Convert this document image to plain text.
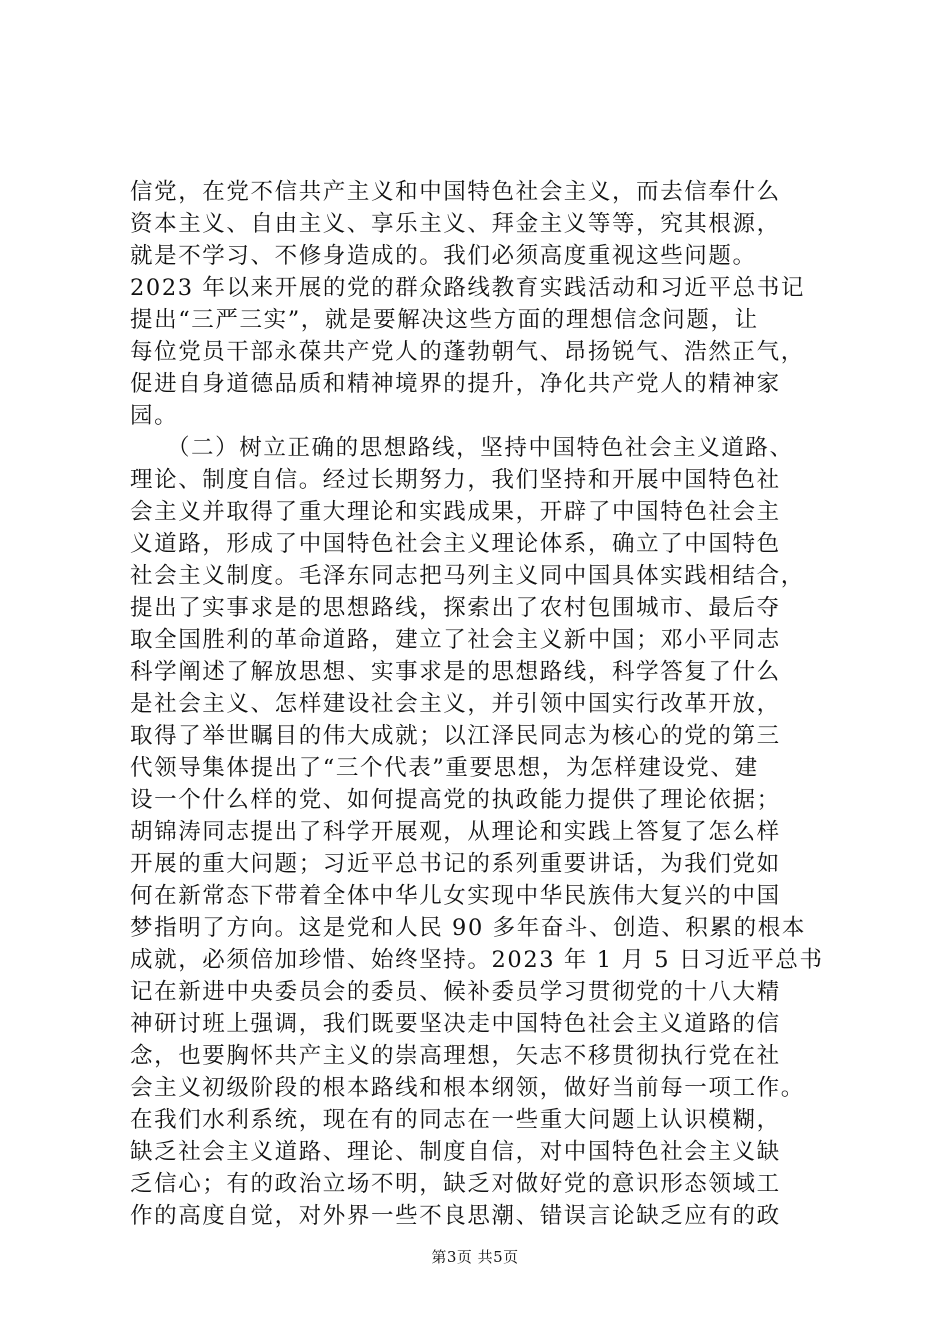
信党，在党不信共产主义和中国特色社会主义，而去信奉什么
资本主义、自由主义、享乐主义、拜金主义等等，究其根源，
就是不学习、不修身造成的。我们必须高度重视这些问题。
2023 年以来开展的党的群众路线教育实践活动和习近平总书记
提出“三严三实”，就是要解决这些方面的理想信念问题，让
每位党员干部永葆共产党人的蓬勃朝气、昂扬锐气、浩然正气，
促进自身道德品质和精神境界的提升，净化共产党人的精神家
园。
　　（二）树立正确的思想路线，坚持中国特色社会主义道路、
理论、制度自信。经过长期努力，我们坚持和开展中国特色社
会主义并取得了重大理论和实践成果，开辟了中国特色社会主
义道路，形成了中国特色社会主义理论体系，确立了中国特色
社会主义制度。毛泽东同志把马列主义同中国具体实践相结合，
提出了实事求是的思想路线，探索出了农村包围城市、最后夺
取全国胜利的革命道路，建立了社会主义新中国；邓小平同志
科学阐述了解放思想、实事求是的思想路线，科学答复了什么
是社会主义、怎样建设社会主义，并引领中国实行改革开放，
取得了举世瞩目的伟大成就；以江泽民同志为核心的党的第三
代领导集体提出了“三个代表”重要思想，为怎样建设党、建
设一个什么样的党、如何提高党的执政能力提供了理论依据；
胡锦涛同志提出了科学开展观，从理论和实践上答复了怎么样
开展的重大问题；习近平总书记的系列重要讲话，为我们党如
何在新常态下带着全体中华儿女实现中华民族伟大复兴的中国
梦指明了方向。这是党和人民 90 多年奋斗、创造、积累的根本
成就，必须倍加珍惜、始终坚持。2023 年 1 月 5 日习近平总书
记在新进中央委员会的委员、候补委员学习贯彻党的十八大精
神研讨班上强调，我们既要坚决走中国特色社会主义道路的信
念，也要胸怀共产主义的崇高理想，矢志不移贯彻执行党在社
会主义初级阶段的根本路线和根本纲领，做好当前每一项工作。
在我们水利系统，现在有的同志在一些重大问题上认识模糊，
缺乏社会主义道路、理论、制度自信，对中国特色社会主义缺
乏信心；有的政治立场不明，缺乏对做好党的意识形态领域工
作的高度自觉，对外界一些不良思潮、错误言论缺乏应有的政
第3页 共5页
